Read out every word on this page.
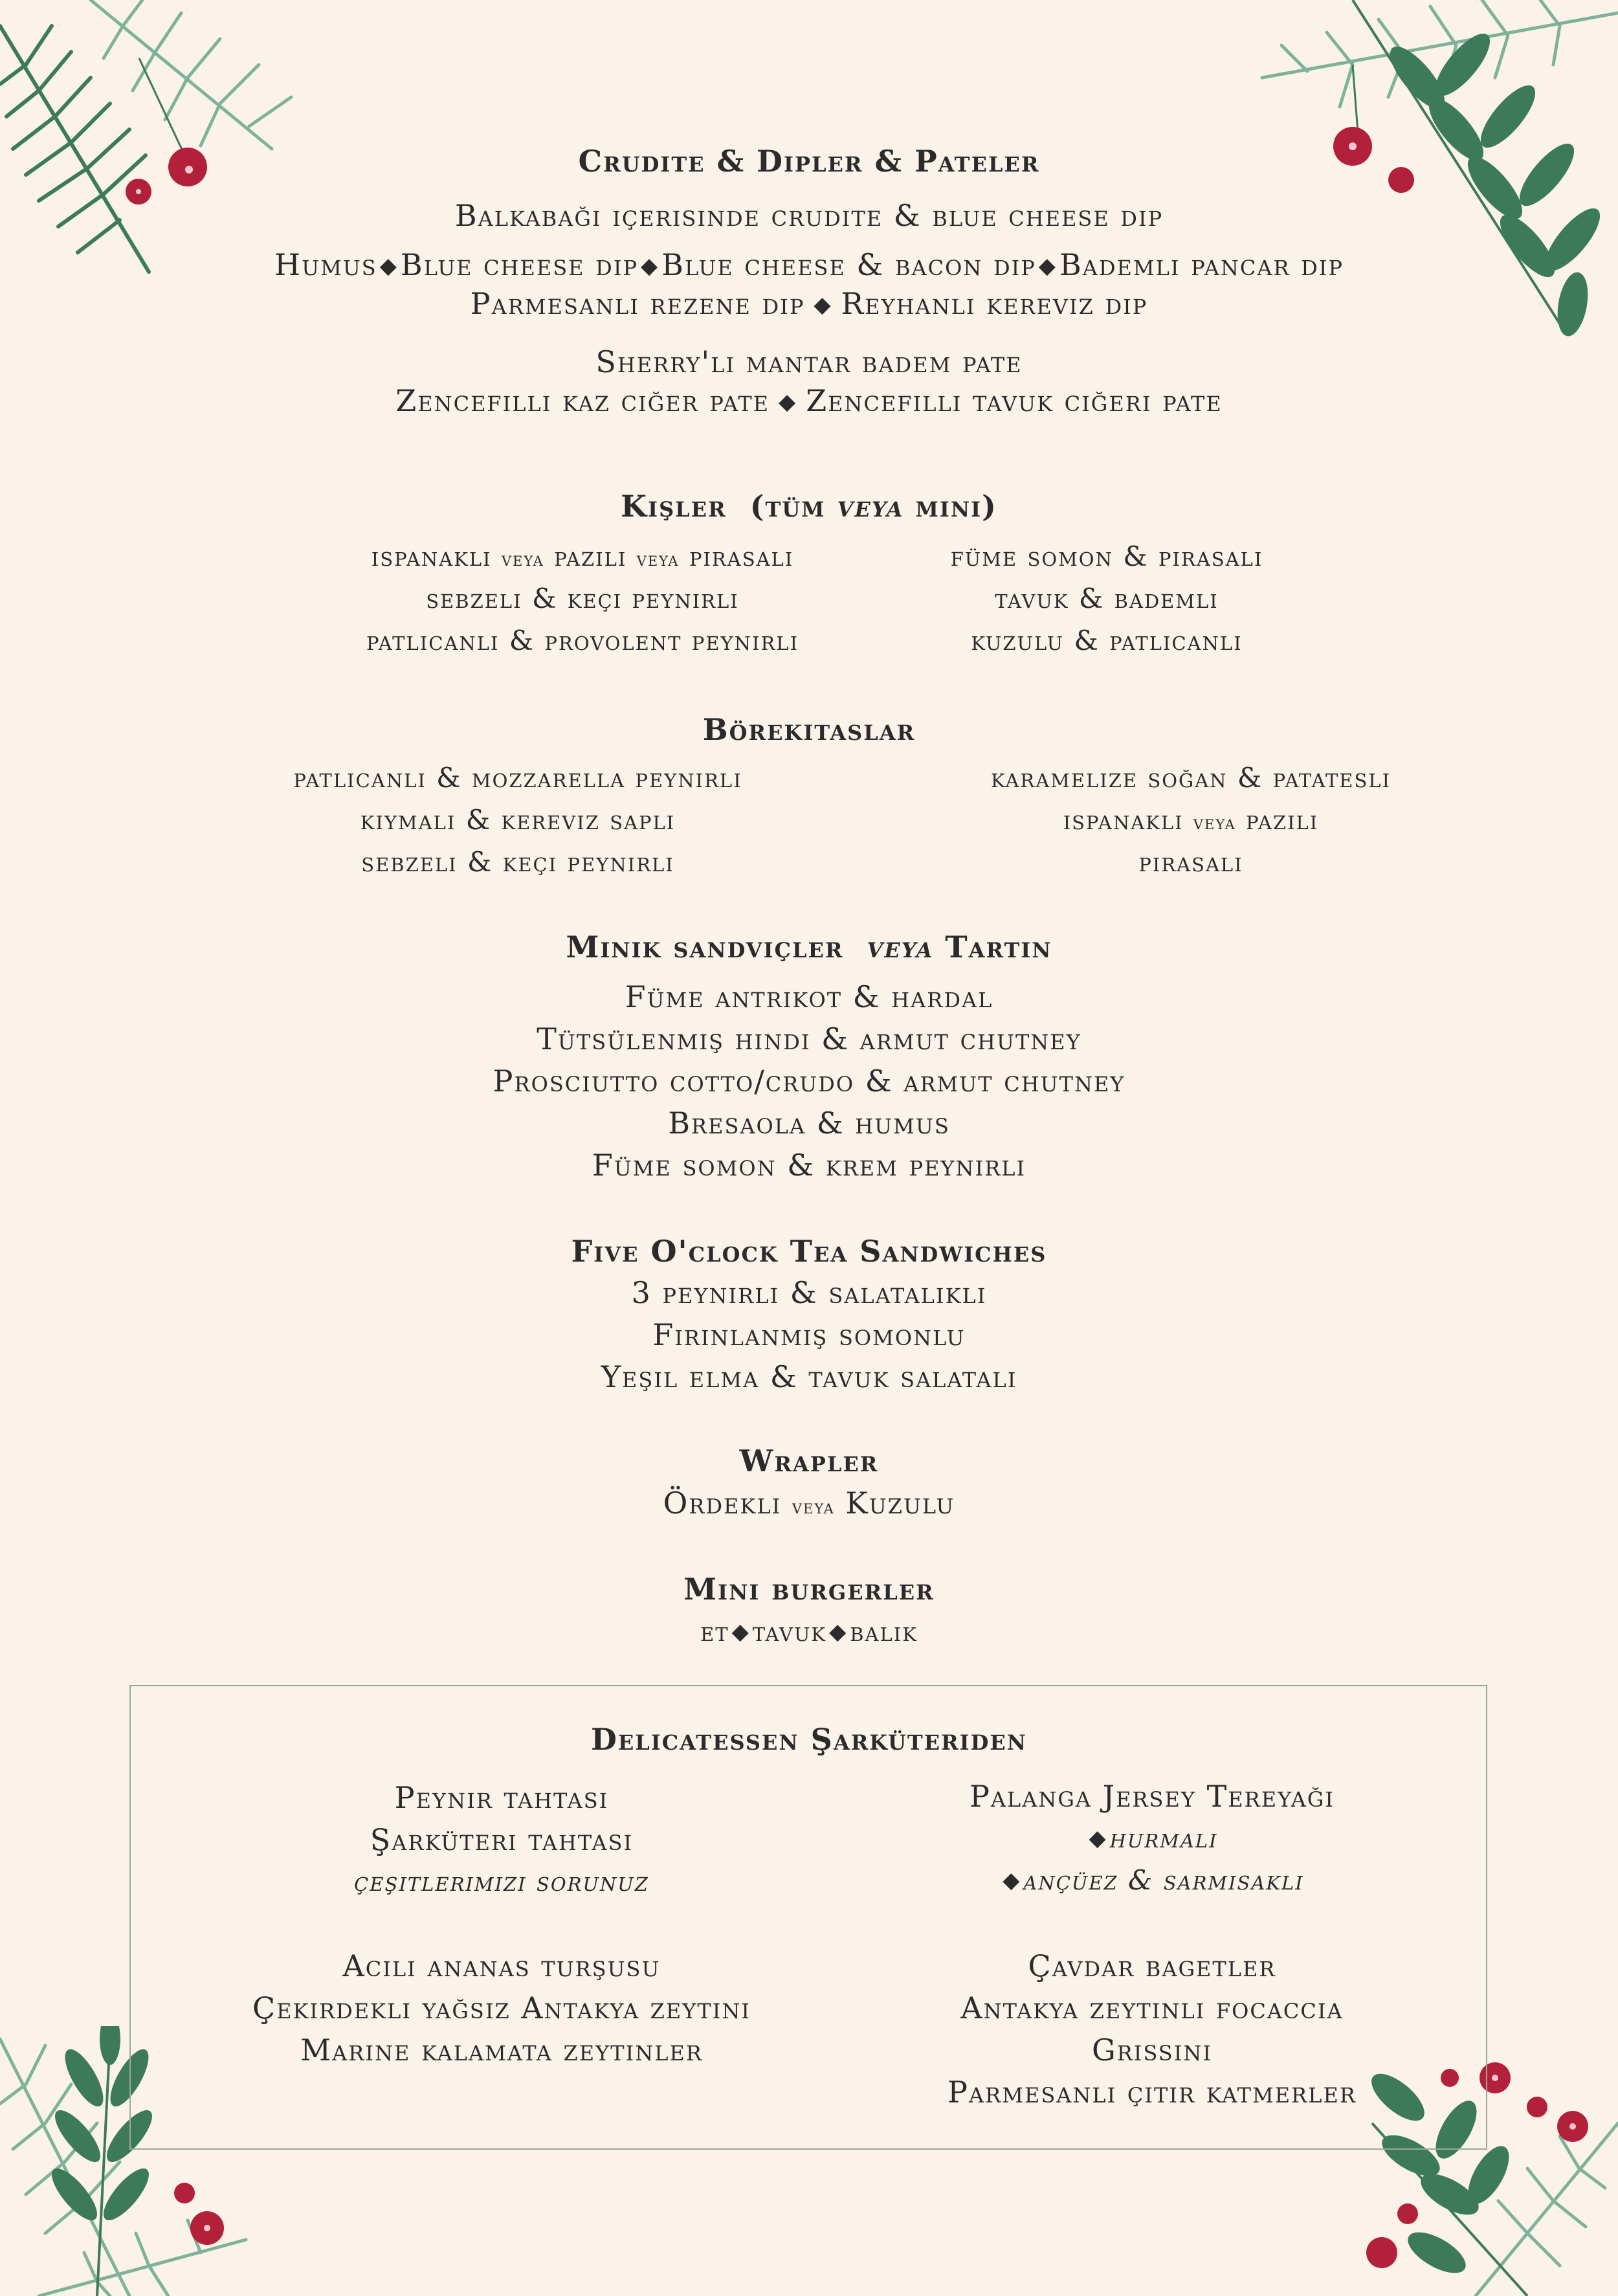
Crudite & Dipler & Pateler
Balkabağı içerisinde crudite & blue cheese dip
Humus ◆Blue cheese dip ◆Blue cheese & bacon dip ◆Bademli pancar dip
Parmesanlı rezene dip ◆ Reyhanlı kereviz dip
Sherry'li mantar badem pate
Zencefilli kaz ciğer pate ◆ Zencefilli tavuk ciğeri pate
Kişler (tüm veya mini)
ıspanaklı veya pazılı veya pırasalı
sebzeli & keçi peynirli
patlıcanlı & provolent peynirli
füme somon & pırasalı
tavuk & bademli
kuzulu & patlıcanlı
Börekitaslar
patlıcanlı & mozzarella peynirli
kıymalı & kereviz saplı
sebzeli & keçi peynirli
karamelize soğan & patatesli
ıspanaklı veya pazılı
pırasalı
Minik sandviçler veya Tartın
Füme antrikot & hardal
Tütsülenmiş hindi & armut chutney
Prosciutto cotto/crudo & armut chutney
Bresaola & humus
Füme somon & krem peynirli
Five O'clock Tea Sandwiches
3 peynirli & salatalıklı
Fırınlanmış somonlu
Yeşil elma & tavuk salatalı
Wrapler
Ördekli veya Kuzulu
Mini burgerler
et ◆tavuk ◆balık
Delicatessen Şarküteriden
Peynir tahtası
Şarküteri tahtası
çeşitlerimizi sorunuz
Acılı ananas turşusu
Çekirdekli yağsız Antakya zeytini
Marine kalamata zeytinler
Palanga Jersey Tereyağı
◆hurmalı
◆ançüez & sarmısaklı
Çavdar bagetler
Antakya zeytinli focaccia
Grissini
Parmesanlı çıtır katmerler
